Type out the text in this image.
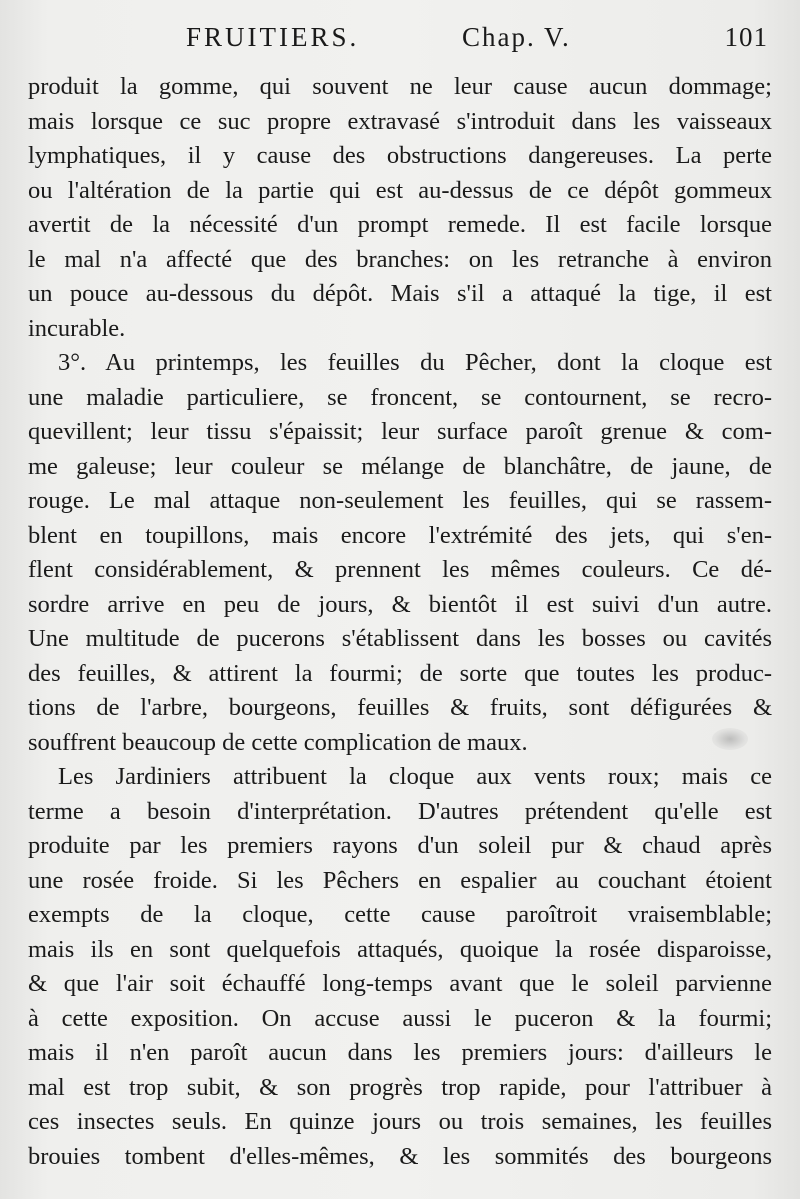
FRUITIERS.	Chap. V.	101
produit la gomme, qui souvent ne leur cause aucun dommage;
mais lorsque ce suc propre extravasé s'introduit dans les vaisseaux
lymphatiques, il y cause des obstructions dangereuses. La perte
ou l'altération de la partie qui est au-dessus de ce dépôt gommeux
avertit de la nécessité d'un prompt remede. Il est facile lorsque
le mal n'a affecté que des branches: on les retranche à environ
un pouce au-dessous du dépôt. Mais s'il a attaqué la tige, il est
incurable.
3°. Au printemps, les feuilles du Pêcher, dont la cloque est
une maladie particuliere, se froncent, se contournent, se recro-
quevillent; leur tissu s'épaissit; leur surface paroît grenue & com-
me galeuse; leur couleur se mélange de blanchâtre, de jaune, de
rouge. Le mal attaque non-seulement les feuilles, qui se rassem-
blent en toupillons, mais encore l'extrémité des jets, qui s'en-
flent considérablement, & prennent les mêmes couleurs. Ce dé-
sordre arrive en peu de jours, & bientôt il est suivi d'un autre.
Une multitude de pucerons s'établissent dans les bosses ou cavités
des feuilles, & attirent la fourmi; de sorte que toutes les produc-
tions de l'arbre, bourgeons, feuilles & fruits, sont défigurées &
souffrent beaucoup de cette complication de maux.
Les Jardiniers attribuent la cloque aux vents roux; mais ce
terme a besoin d'interprétation. D'autres prétendent qu'elle est
produite par les premiers rayons d'un soleil pur & chaud après
une rosée froide. Si les Pêchers en espalier au couchant étoient
exempts de la cloque, cette cause paroîtroit vraisemblable;
mais ils en sont quelquefois attaqués, quoique la rosée disparoisse,
& que l'air soit échauffé long-temps avant que le soleil parvienne
à cette exposition. On accuse aussi le puceron & la fourmi;
mais il n'en paroît aucun dans les premiers jours: d'ailleurs le
mal est trop subit, & son progrès trop rapide, pour l'attribuer à
ces insectes seuls. En quinze jours ou trois semaines, les feuilles
brouies tombent d'elles-mêmes, & les sommités des bourgeons
